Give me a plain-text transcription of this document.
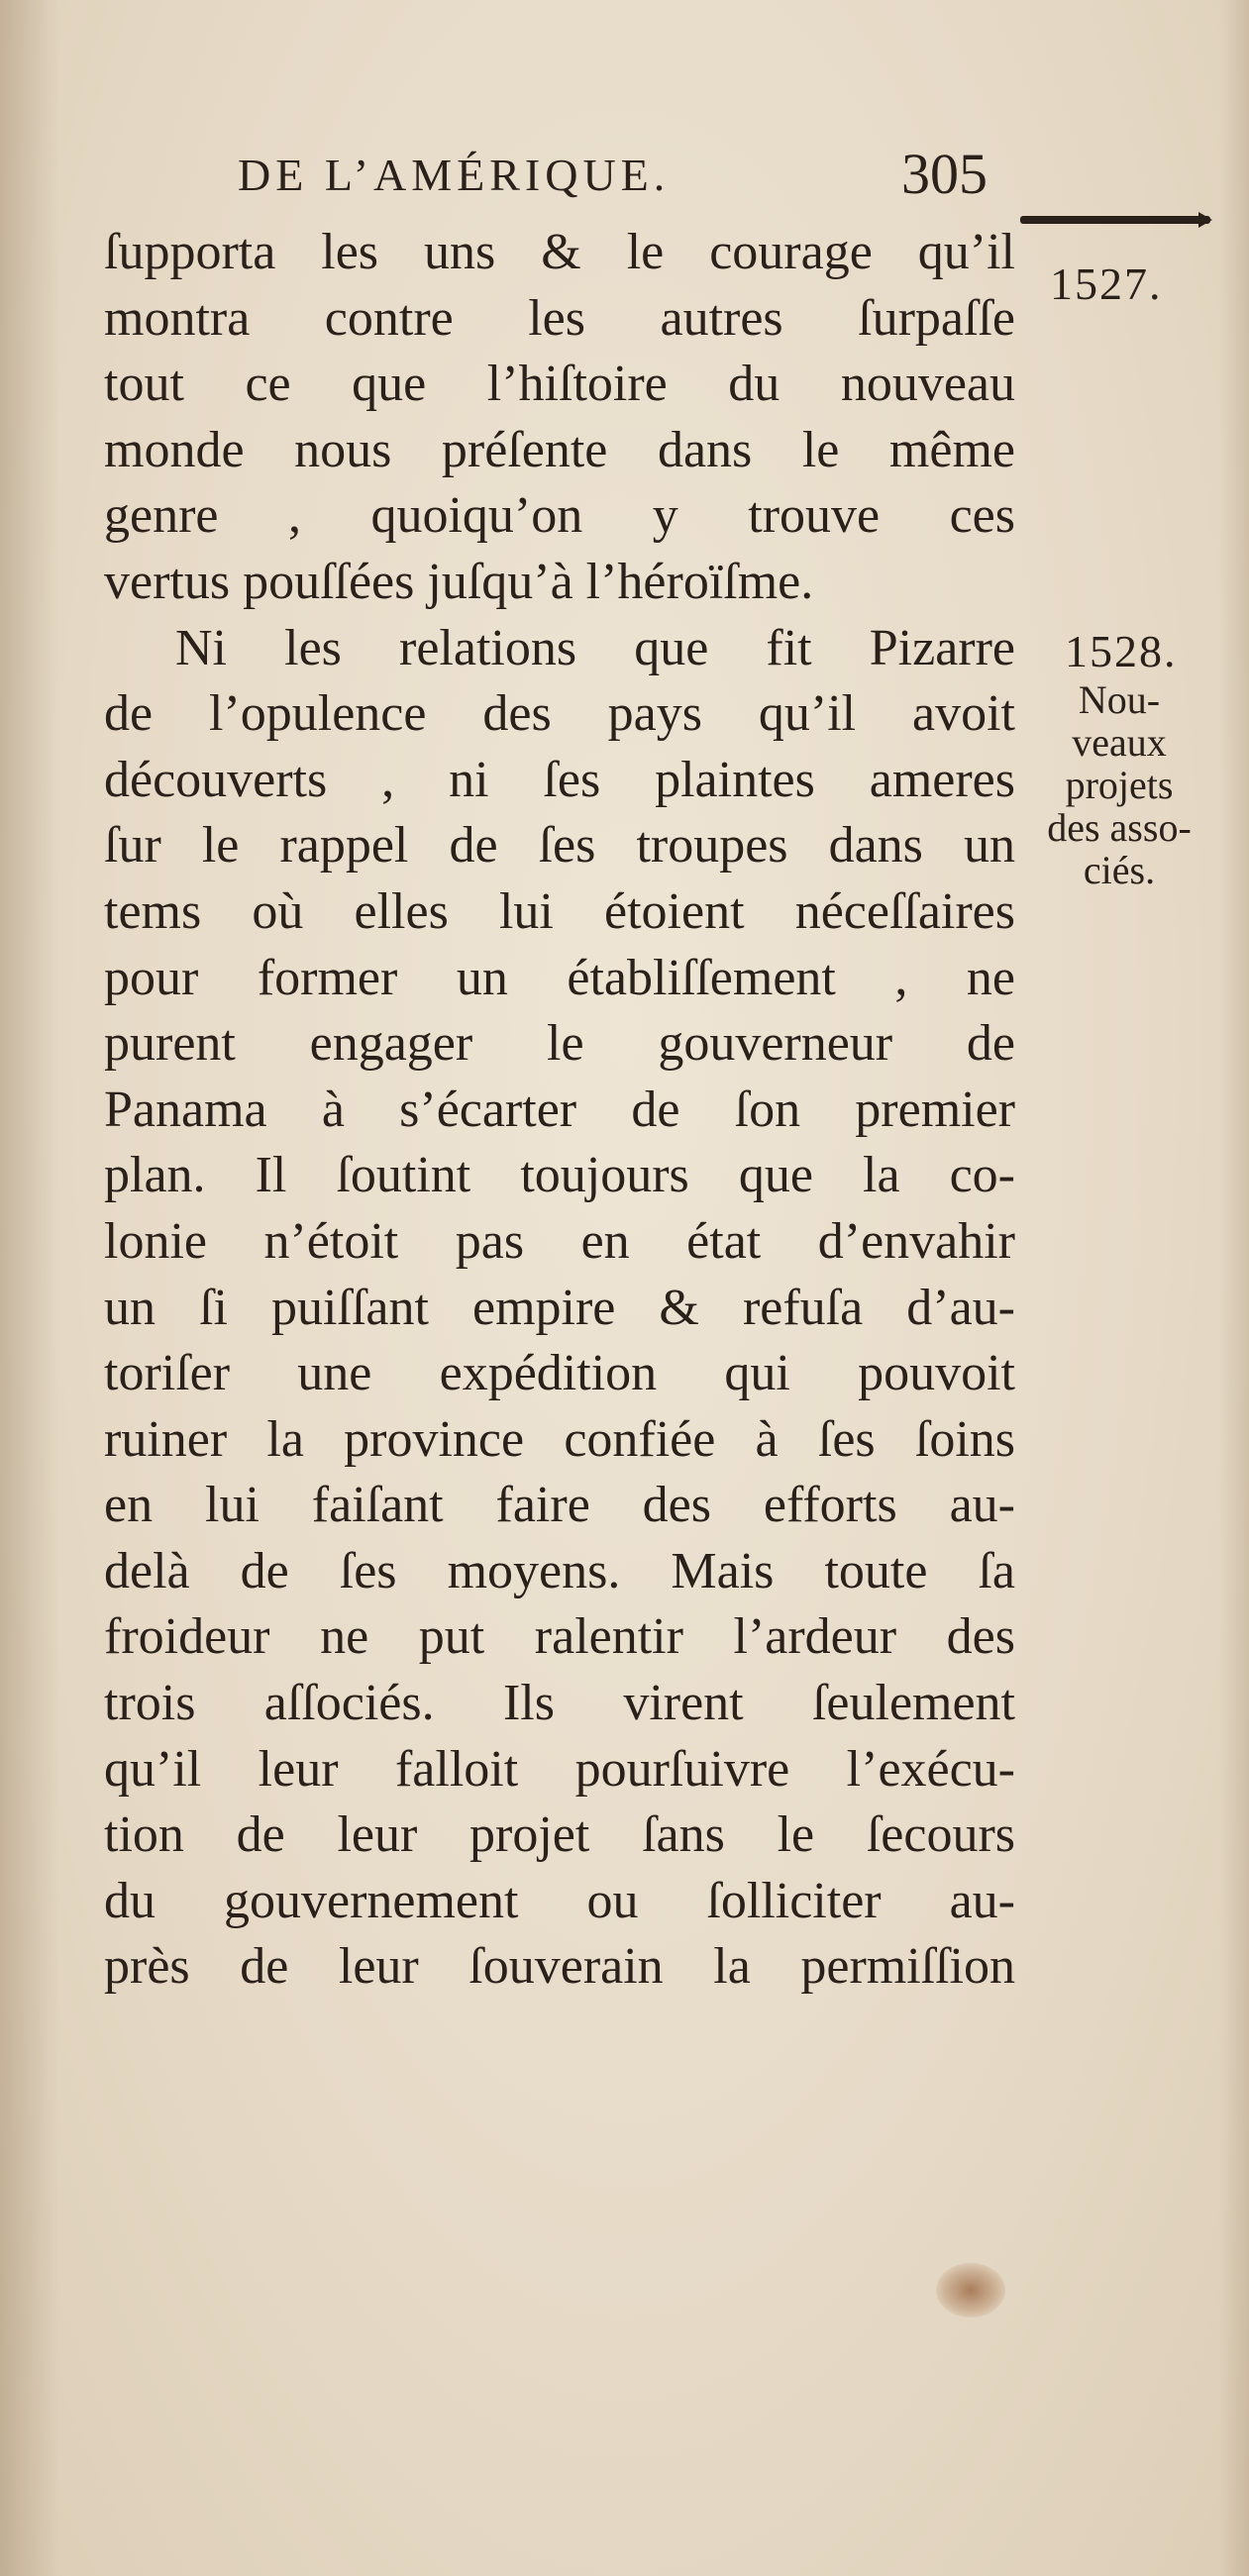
DE L’AMÉRIQUE.	305
1527.
1528.
Nou-
veaux
projets
des asso-
ciés.
ſupporta les uns & le courage qu’il
montra contre les autres ſurpaſſe
tout ce que l’hiſtoire du nouveau
monde nous préſente dans le même
genre , quoiqu’on y trouve ces
vertus pouſſées juſqu’à l’héroïſme.
Ni les relations que fit Pizarre
de l’opulence des pays qu’il avoit
découverts , ni ſes plaintes ameres
ſur le rappel de ſes troupes dans un
tems où elles lui étoient néceſſaires
pour former un établiſſement , ne
purent engager le gouverneur de
Panama à s’écarter de ſon premier
plan. Il ſoutint toujours que la co-
lonie n’étoit pas en état d’envahir
un ſi puiſſant empire & refuſa d’au-
toriſer une expédition qui pouvoit
ruiner la province confiée à ſes ſoins
en lui faiſant faire des efforts au-
delà de ſes moyens. Mais toute ſa
froideur ne put ralentir l’ardeur des
trois aſſociés. Ils virent ſeulement
qu’il leur falloit pourſuivre l’exécu-
tion de leur projet ſans le ſecours
du gouvernement ou ſolliciter au-
près de leur ſouverain la permiſſion
